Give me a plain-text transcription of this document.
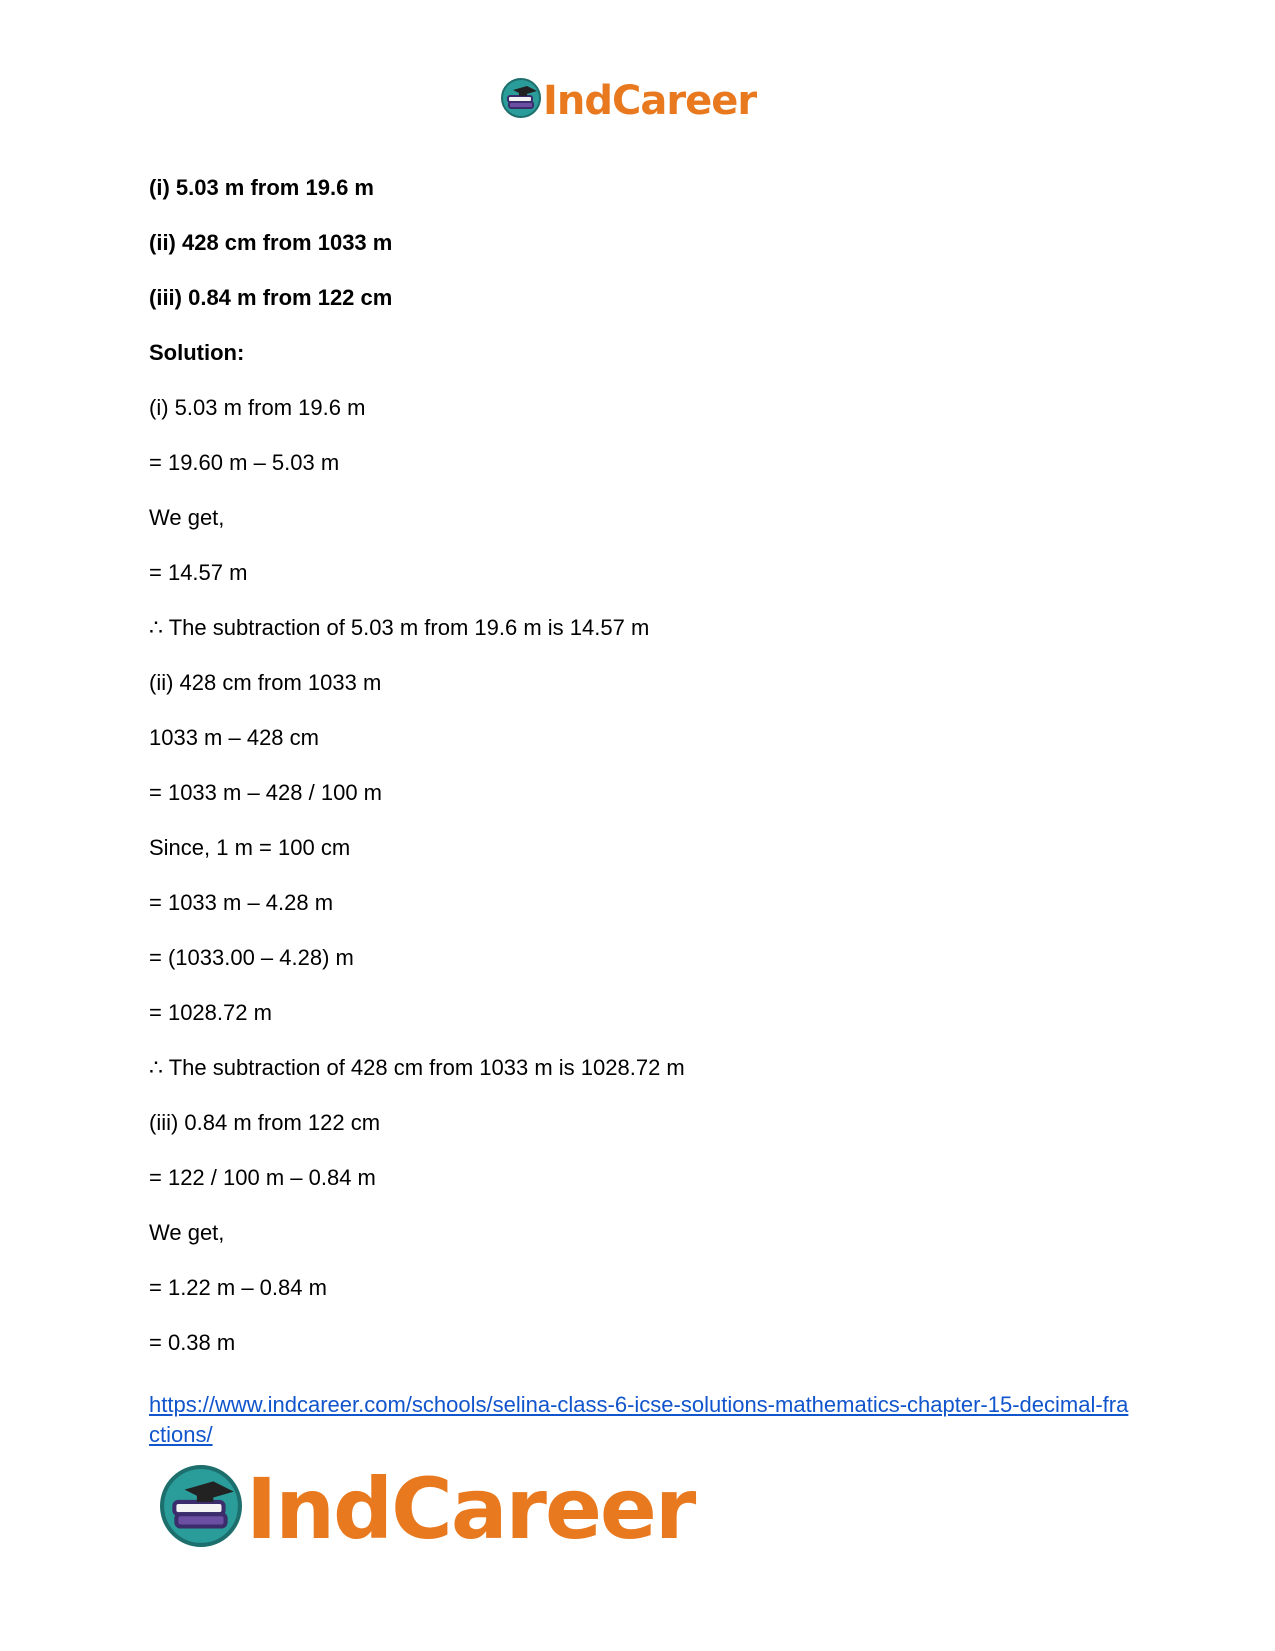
IndCareer
(i) 5.03 m from 19.6 m
(ii) 428 cm from 1033 m
(iii) 0.84 m from 122 cm
Solution:
(i) 5.03 m from 19.6 m
= 19.60 m – 5.03 m
We get,
= 14.57 m
∴ The subtraction of 5.03 m from 19.6 m is 14.57 m
(ii) 428 cm from 1033 m
1033 m – 428 cm
= 1033 m – 428 / 100 m
Since, 1 m = 100 cm
= 1033 m – 4.28 m
= (1033.00 – 4.28) m
= 1028.72 m
∴ The subtraction of 428 cm from 1033 m is 1028.72 m
(iii) 0.84 m from 122 cm
= 122 / 100 m – 0.84 m
We get,
= 1.22 m – 0.84 m
= 0.38 m
https://www.indcareer.com/schools/selina-class-6-icse-solutions-mathematics-chapter-15-decimal-fractions/
IndCareer
